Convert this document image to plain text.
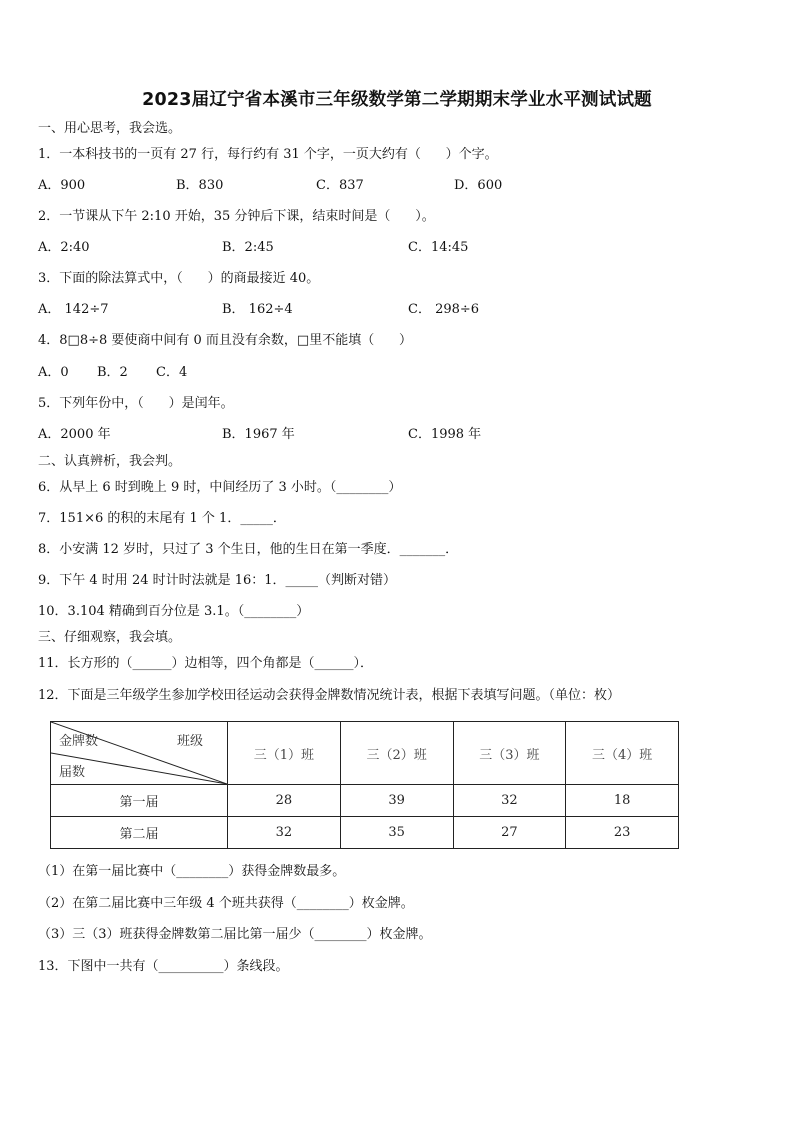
2023届辽宁省本溪市三年级数学第二学期期末学业水平测试试题
一、用心思考，我会选。
1．一本科技书的一页有 27 行，每行约有 31 个字，一页大约有（      ）个字。
A．900	B．830	C．837	D．600
2．一节课从下午 2:10 开始，35 分钟后下课，结束时间是（      ）。
A．2:40	B．2:45	C．14:45
3．下面的除法算式中，（      ）的商最接近 40。
A． 142÷7	B． 162÷4	C． 298÷6
4．8□8÷8 要使商中间有 0 而且没有余数，□里不能填（      ）
A．0 B．2 C．4
5．下列年份中，（      ）是闰年。
A．2000 年	B．1967 年	C．1998 年
二、认真辨析，我会判。
6．从早上 6 时到晚上 9 时，中间经历了 3 小时。（________）
7．151×6 的积的末尾有 1 个 1．_____．
8．小安满 12 岁时，只过了 3 个生日，他的生日在第一季度．_______．
9．下午 4 时用 24 时计时法就是 16：1．_____（判断对错）
10．3.104 精确到百分位是 3.1。（________）
三、仔细观察，我会填。
11．长方形的（______）边相等，四个角都是（______）．
12．下面是三年级学生参加学校田径运动会获得金牌数情况统计表，根据下表填写问题。（单位：枚）
金牌数 班级
届数	三（1）班	三（2）班	三（3）班	三（4）班
第一届	28	39	32	18
第二届	32	35	27	23
（1）在第一届比赛中（________）获得金牌数最多。
（2）在第二届比赛中三年级 4 个班共获得（________）枚金牌。
（3）三（3）班获得金牌数第二届比第一届少（________）枚金牌。
13．下图中一共有（__________）条线段。
